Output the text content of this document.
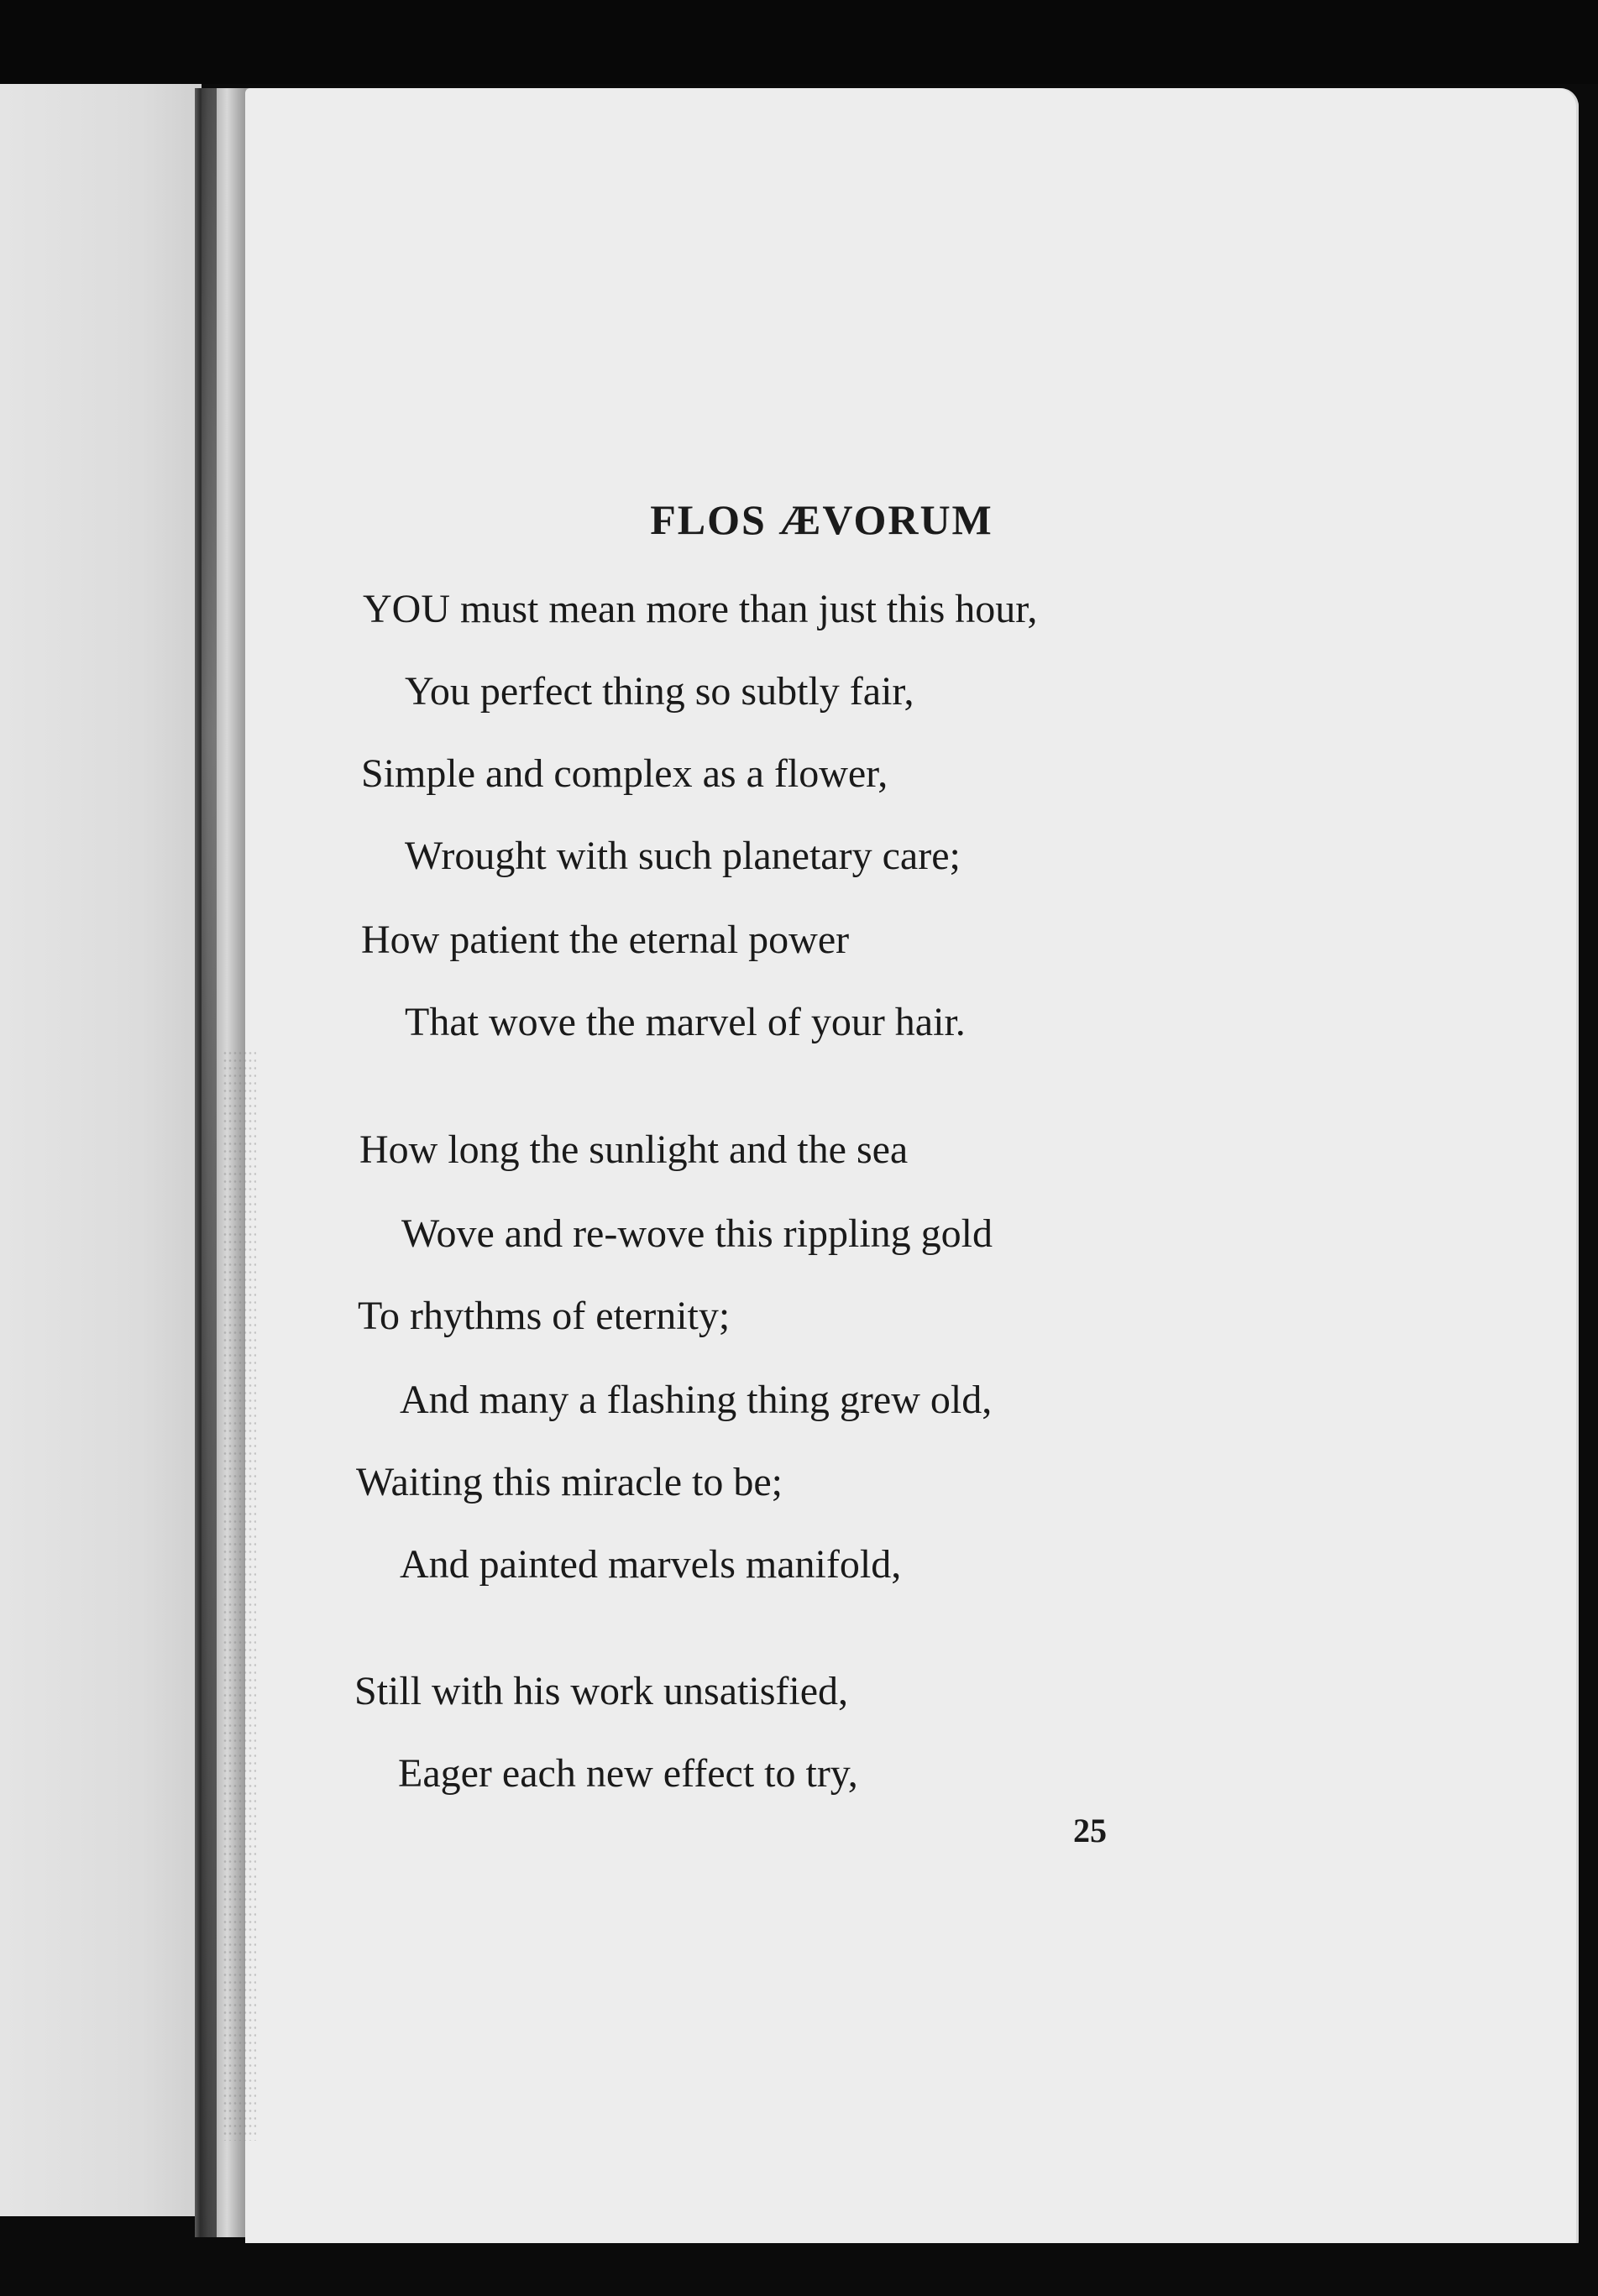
FLOS ÆVORUM

YOU must mean more than just this hour,

You perfect thing so subtly fair,

Simple and complex as a flower,

Wrought with such planetary care;

How patient the eternal power

That wove the marvel of your hair.

How long the sunlight and the sea

Wove and re-wove this rippling gold

To rhythms of eternity;

And many a flashing thing grew old,

Waiting this miracle to be;

And painted marvels manifold,

Still with his work unsatisfied,

Eager each new effect to try,

25
